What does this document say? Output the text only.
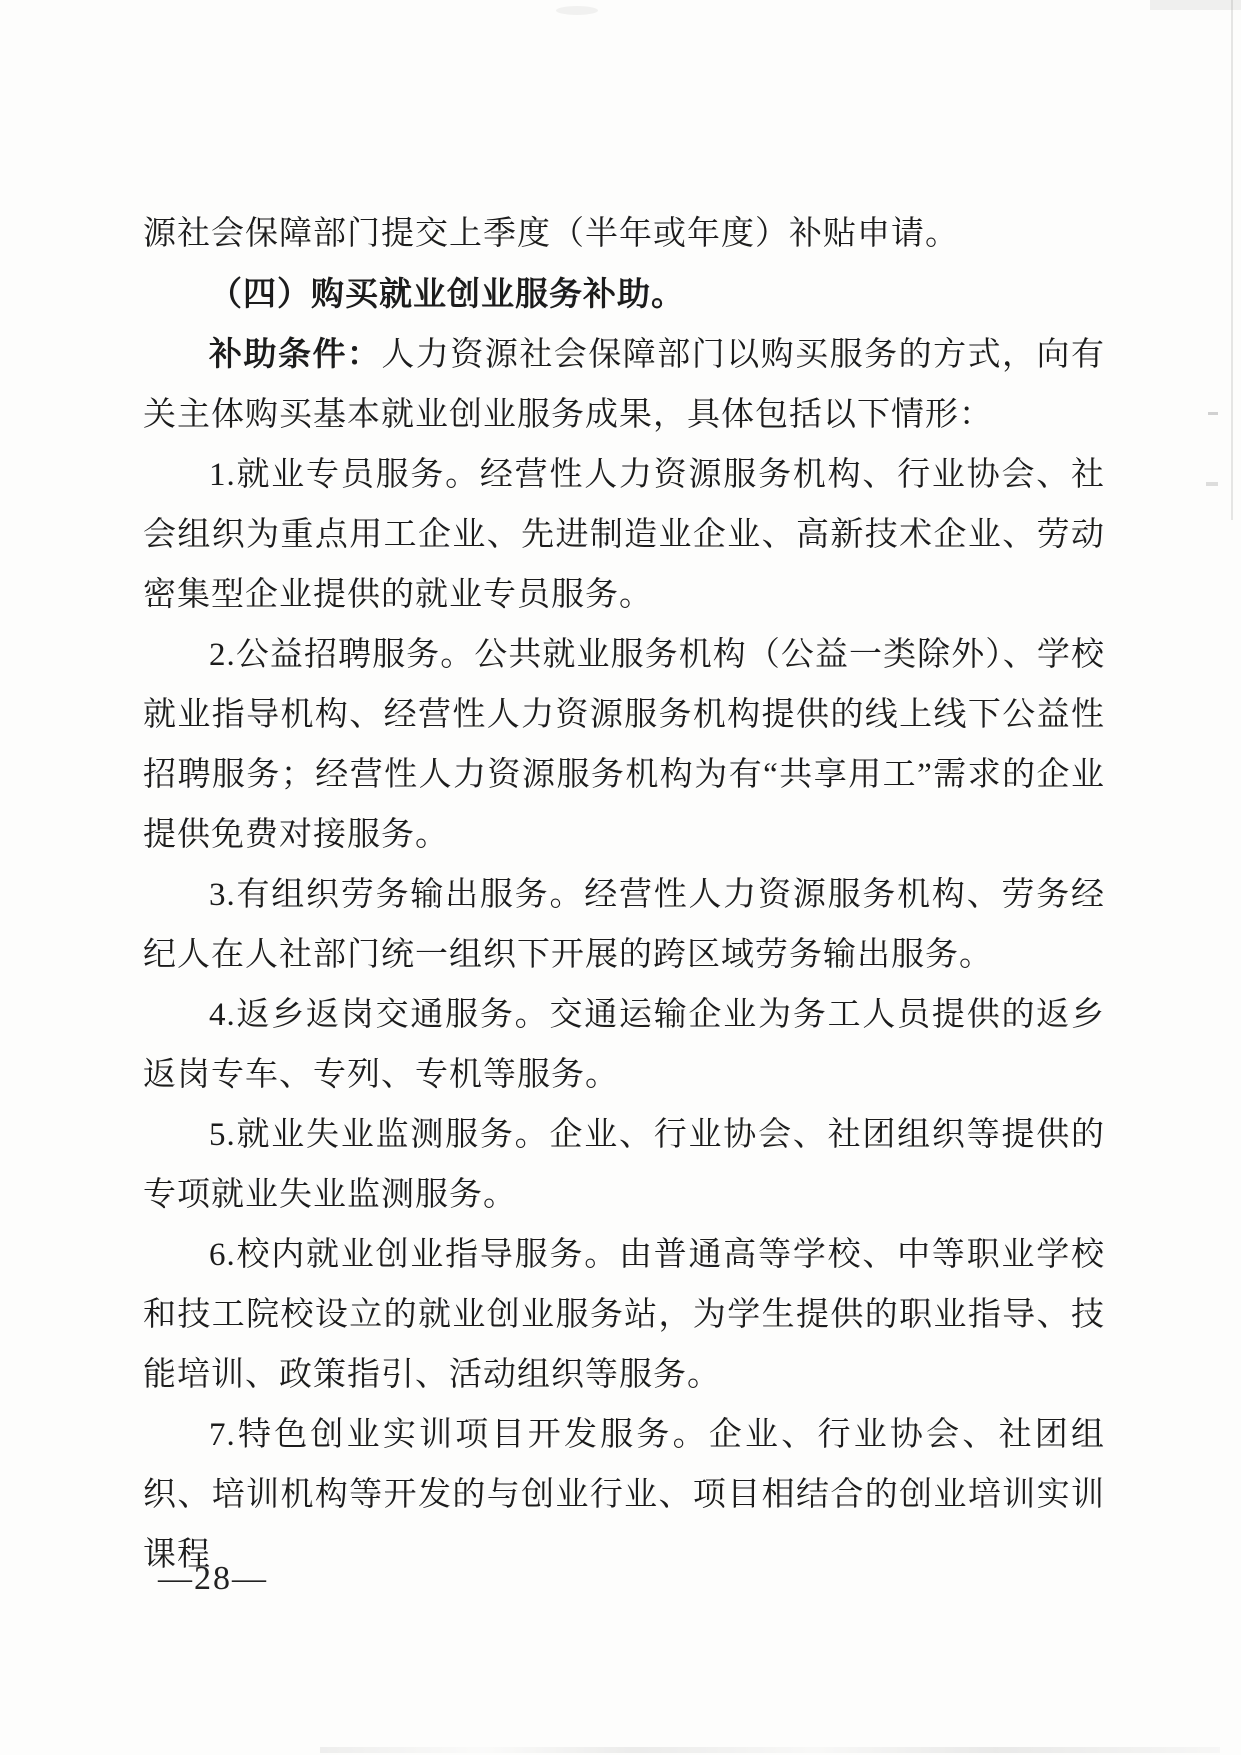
源社会保障部门提交上季度（半年或年度）补贴申请。

（四）购买就业创业服务补助。

补助条件：人力资源社会保障部门以购买服务的方式，向有关主体购买基本就业创业服务成果，具体包括以下情形：

1.就业专员服务。经营性人力资源服务机构、行业协会、社会组织为重点用工企业、先进制造业企业、高新技术企业、劳动密集型企业提供的就业专员服务。

2.公益招聘服务。公共就业服务机构（公益一类除外）、学校就业指导机构、经营性人力资源服务机构提供的线上线下公益性招聘服务；经营性人力资源服务机构为有“共享用工”需求的企业提供免费对接服务。

3.有组织劳务输出服务。经营性人力资源服务机构、劳务经纪人在人社部门统一组织下开展的跨区域劳务输出服务。

4.返乡返岗交通服务。交通运输企业为务工人员提供的返乡返岗专车、专列、专机等服务。

5.就业失业监测服务。企业、行业协会、社团组织等提供的专项就业失业监测服务。

6.校内就业创业指导服务。由普通高等学校、中等职业学校和技工院校设立的就业创业服务站，为学生提供的职业指导、技能培训、政策指引、活动组织等服务。

7.特色创业实训项目开发服务。企业、行业协会、社团组织、培训机构等开发的与创业行业、项目相结合的创业培训实训课程

—28—
